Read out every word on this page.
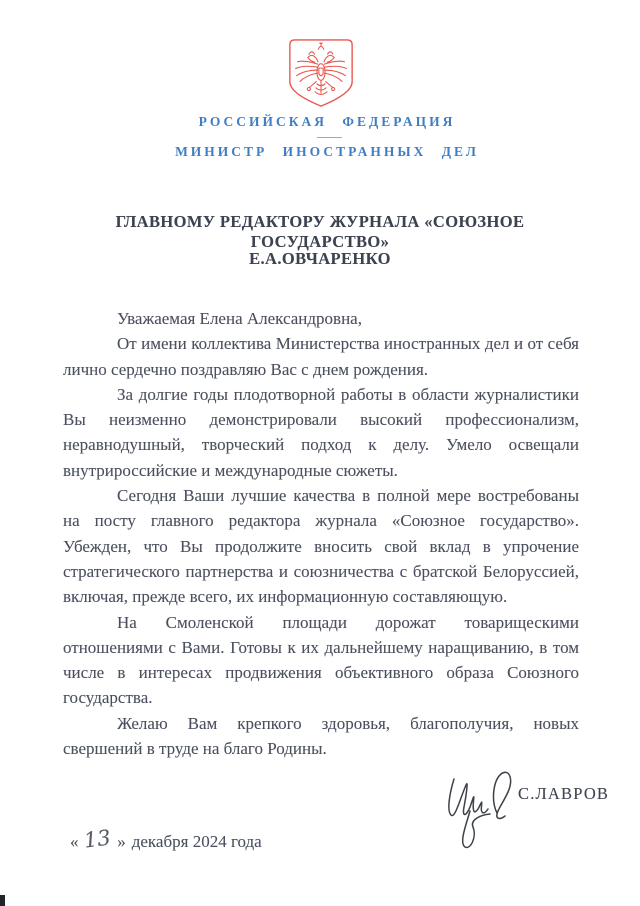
РОССИЙСКАЯ ФЕДЕРАЦИЯ
МИНИСТР ИНОСТРАННЫХ ДЕЛ
ГЛАВНОМУ РЕДАКТОРУ ЖУРНАЛА «СОЮЗНОЕ ГОСУДАРСТВО»
Е.А.ОВЧАРЕНКО

Уважаемая Елена Александровна,

От имени коллектива Министерства иностранных дел и от себя лично сердечно поздравляю Вас с днем рождения.

За долгие годы плодотворной работы в области журналистики Вы неизменно демонстрировали высокий профессионализм, неравнодушный, творческий подход к делу. Умело освещали внутрироссийские и международные сюжеты.

Сегодня Ваши лучшие качества в полной мере востребованы на посту главного редактора журнала «Союзное государство». Убежден, что Вы продолжите вносить свой вклад в упрочение стратегического партнерства и союзничества с братской Белоруссией, включая, прежде всего, их информационную составляющую.

На Смоленской площади дорожат товарищескими отношениями с Вами. Готовы к их дальнейшему наращиванию, в том числе в интересах продвижения объективного образа Союзного государства.

Желаю Вам крепкого здоровья, благополучия, новых свершений в труде на благо Родины.

С.ЛАВРОВ
« 13 » декабря 2024 года
